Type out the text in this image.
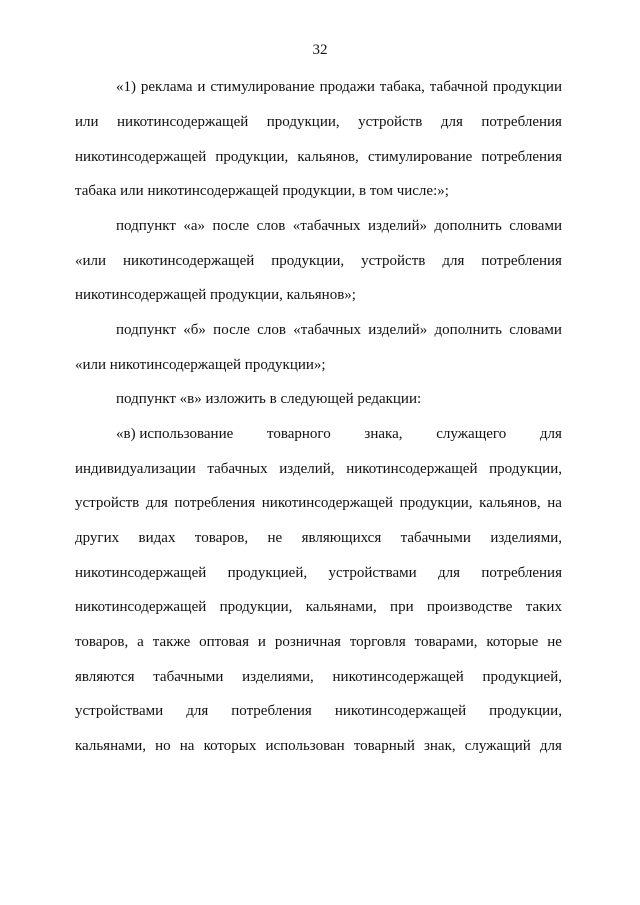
32
«1) реклама и стимулирование продажи табака, табачной продукции
или никотинсодержащей продукции, устройств для потребления
никотинсодержащей продукции, кальянов, стимулирование потребления
табака или никотинсодержащей продукции, в том числе:»;
подпункт «а» после слов «табачных изделий» дополнить словами
«или никотинсодержащей продукции, устройств для потребления
никотинсодержащей продукции, кальянов»;
подпункт «б» после слов «табачных изделий» дополнить словами
«или никотинсодержащей продукции»;
подпункт «в» изложить в следующей редакции:
«в) использование товарного знака, служащего для
индивидуализации табачных изделий, никотинсодержащей продукции,
устройств для потребления никотинсодержащей продукции, кальянов, на
других видах товаров, не являющихся табачными изделиями,
никотинсодержащей продукцией, устройствами для потребления
никотинсодержащей продукции, кальянами, при производстве таких
товаров, а также оптовая и розничная торговля товарами, которые не
являются табачными изделиями, никотинсодержащей продукцией,
устройствами для потребления никотинсодержащей продукции,
кальянами, но на которых использован товарный знак, служащий для
